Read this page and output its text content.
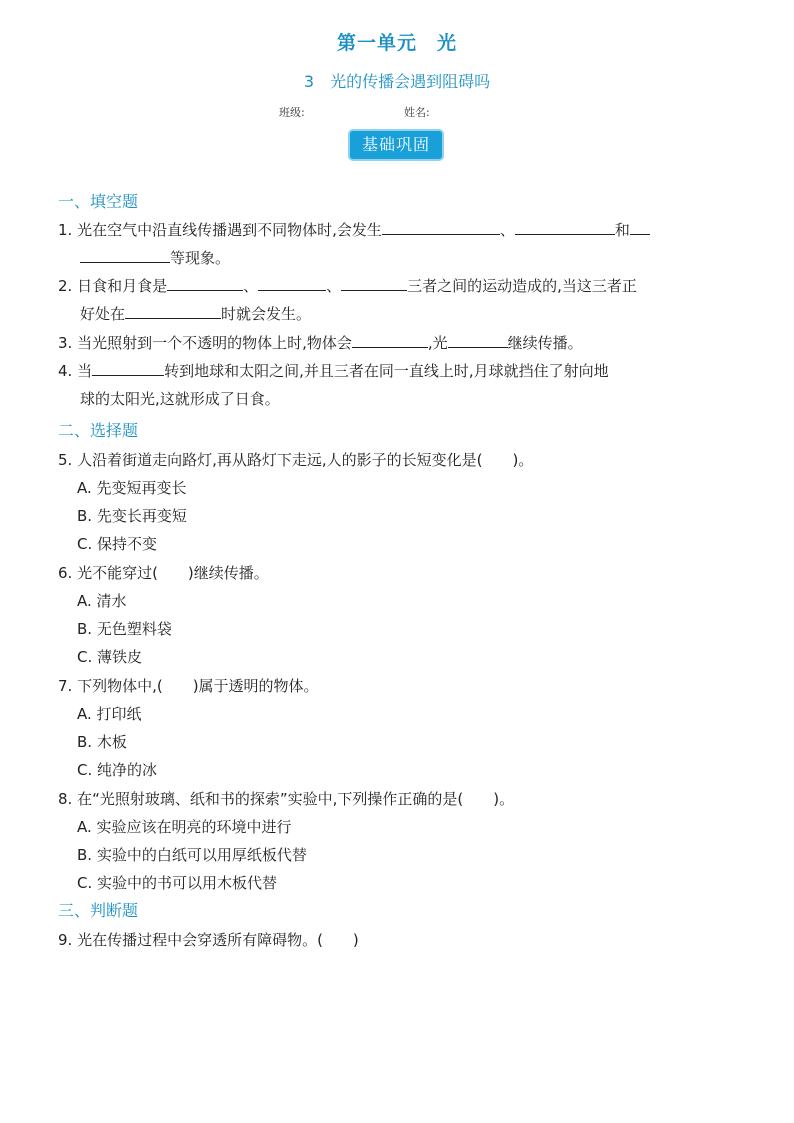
第一单元　光
3　光的传播会遇到阻碍吗
班级:	姓名:
基础巩固
一、填空题
1. 光在空气中沿直线传播遇到不同物体时,会发生	、	和
等现象。
2. 日食和月食是	、	、	三者之间的运动造成的,当这三者正
好处在	时就会发生。
3. 当光照射到一个不透明的物体上时,物体会	,光	继续传播。
4. 当	转到地球和太阳之间,并且三者在同一直线上时,月球就挡住了射向地
球的太阳光,这就形成了日食。
二、选择题
5. 人沿着街道走向路灯,再从路灯下走远,人的影子的长短变化是(　　)。
A. 先变短再变长
B. 先变长再变短
C. 保持不变
6. 光不能穿过(　　)继续传播。
A. 清水
B. 无色塑料袋
C. 薄铁皮
7. 下列物体中,(　　)属于透明的物体。
A. 打印纸
B. 木板
C. 纯净的冰
8. 在“光照射玻璃、纸和书的探索”实验中,下列操作正确的是(　　)。
A. 实验应该在明亮的环境中进行
B. 实验中的白纸可以用厚纸板代替
C. 实验中的书可以用木板代替
三、判断题
9. 光在传播过程中会穿透所有障碍物。(　　)
